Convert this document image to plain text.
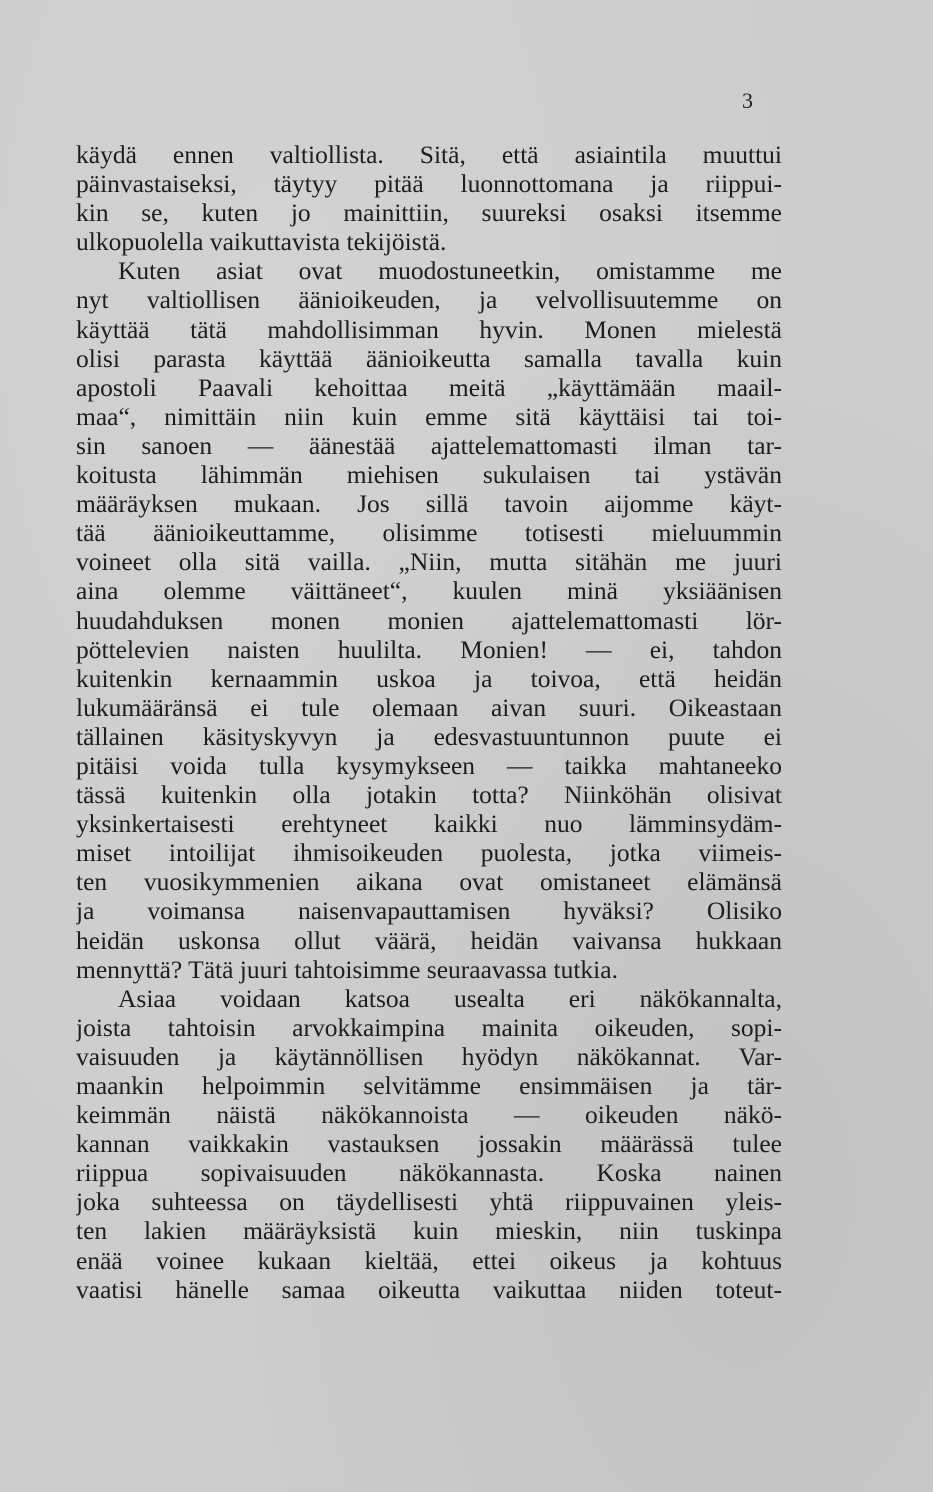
3
käydä ennen valtiollista. Sitä, että asiaintila muuttui
päinvastaiseksi, täytyy pitää luonnottomana ja riippui-
kin se, kuten jo mainittiin, suureksi osaksi itsemme
ulkopuolella vaikuttavista tekijöistä.
Kuten asiat ovat muodostuneetkin, omistamme me
nyt valtiollisen äänioikeuden, ja velvollisuutemme on
käyttää tätä mahdollisimman hyvin. Monen mielestä
olisi parasta käyttää äänioikeutta samalla tavalla kuin
apostoli Paavali kehoittaa meitä „käyttämään maail-
maa“, nimittäin niin kuin emme sitä käyttäisi tai toi-
sin sanoen — äänestää ajattelemattomasti ilman tar-
koitusta lähimmän miehisen sukulaisen tai ystävän
määräyksen mukaan. Jos sillä tavoin aijomme käyt-
tää äänioikeuttamme, olisimme totisesti mieluummin
voineet olla sitä vailla. „Niin, mutta sitähän me juuri
aina olemme väittäneet“, kuulen minä yksiäänisen
huudahduksen monen monien ajattelemattomasti lör-
pöttelevien naisten huulilta. Monien! — ei, tahdon
kuitenkin kernaammin uskoa ja toivoa, että heidän
lukumääränsä ei tule olemaan aivan suuri. Oikeastaan
tällainen käsityskyvyn ja edesvastuuntunnon puute ei
pitäisi voida tulla kysymykseen — taikka mahtaneeko
tässä kuitenkin olla jotakin totta? Niinköhän olisivat
yksinkertaisesti erehtyneet kaikki nuo lämminsydäm-
miset intoilijat ihmisoikeuden puolesta, jotka viimeis-
ten vuosikymmenien aikana ovat omistaneet elämänsä
ja voimansa naisenvapauttamisen hyväksi? Olisiko
heidän uskonsa ollut väärä, heidän vaivansa hukkaan
mennyttä? Tätä juuri tahtoisimme seuraavassa tutkia.
Asiaa voidaan katsoa usealta eri näkökannalta,
joista tahtoisin arvokkaimpina mainita oikeuden, sopi-
vaisuuden ja käytännöllisen hyödyn näkökannat. Var-
maankin helpoimmin selvitämme ensimmäisen ja tär-
keimmän näistä näkökannoista — oikeuden näkö-
kannan vaikkakin vastauksen jossakin määrässä tulee
riippua sopivaisuuden näkökannasta. Koska nainen
joka suhteessa on täydellisesti yhtä riippuvainen yleis-
ten lakien määräyksistä kuin mieskin, niin tuskinpa
enää voinee kukaan kieltää, ettei oikeus ja kohtuus
vaatisi hänelle samaa oikeutta vaikuttaa niiden toteut-
